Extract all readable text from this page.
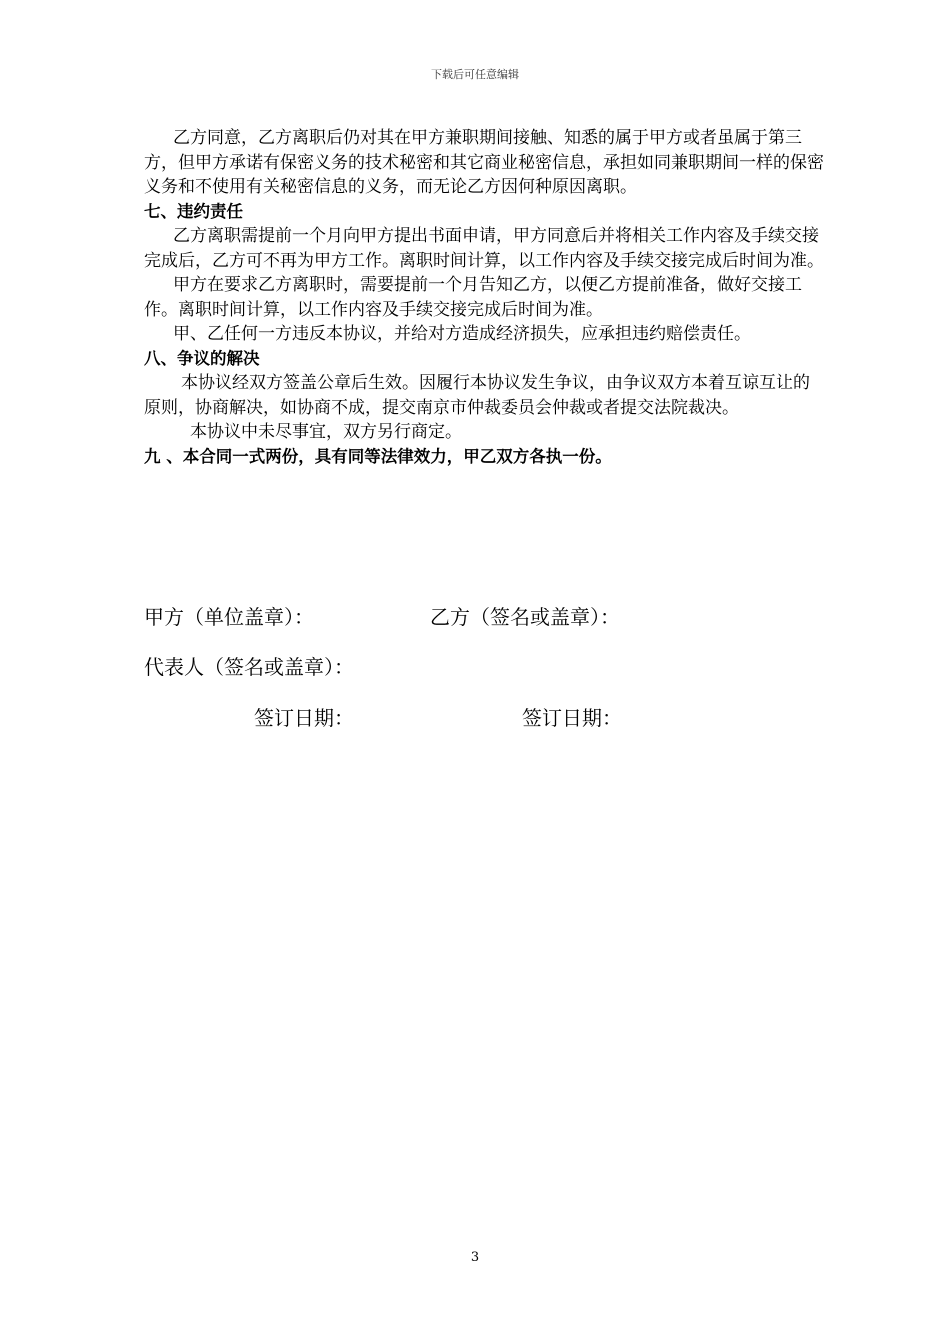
下载后可任意编辑

乙方同意，乙方离职后仍对其在甲方兼职期间接触、知悉的属于甲方或者虽属于第三方，但甲方承诺有保密义务的技术秘密和其它商业秘密信息，承担如同兼职期间一样的保密义务和不使用有关秘密信息的义务，而无论乙方因何种原因离职。

七、违约责任

乙方离职需提前一个月向甲方提出书面申请，甲方同意后并将相关工作内容及手续交接完成后，乙方可不再为甲方工作。离职时间计算，以工作内容及手续交接完成后时间为准。

甲方在要求乙方离职时，需要提前一个月告知乙方，以便乙方提前准备，做好交接工作。离职时间计算，以工作内容及手续交接完成后时间为准。

甲、乙任何一方违反本协议，并给对方造成经济损失，应承担违约赔偿责任。

八、争议的解决

本协议经双方签盖公章后生效。因履行本协议发生争议，由争议双方本着互谅互让的原则，协商解决，如协商不成，提交南京市仲裁委员会仲裁或者提交法院裁决。

本协议中未尽事宜，双方另行商定。

九 、本合同一式两份，具有同等法律效力，甲乙双方各执一份。

甲方（单位盖章）：	乙方（签名或盖章）：
代表人（签名或盖章）：
签订日期：	签订日期：
3
